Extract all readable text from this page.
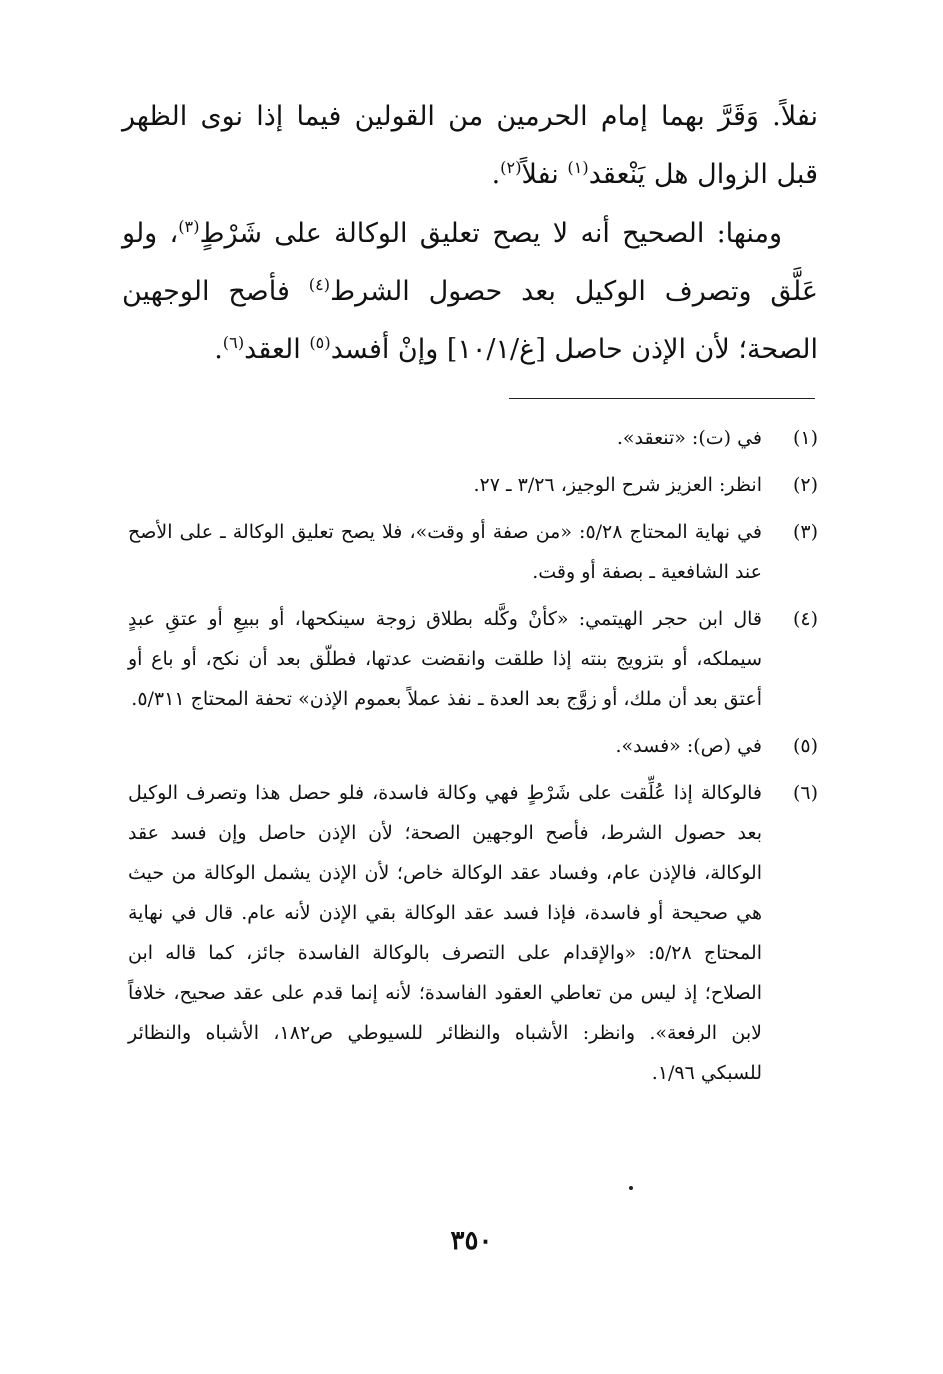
نفلاً. وَقَرَّ بهما إمام الحرمين من القولين فيما إذا نوى الظهر قبل الزوال هل يَنْعقد$^{(١)}$ نفلاً$^{(٢)}$.

ومنها: الصحيح أنه لا يصح تعليق الوكالة على شَرْطٍ$^{(٣)}$، ولو عَلَّق وتصرف الوكيل بعد حصول الشرط$^{(٤)}$ فأصح الوجهين الصحة؛ لأن الإذن حاصل [غ/١٠/١] وإنْ أفسد$^{(٥)}$ العقد$^{(٦)}$.

(١)
في (ت): «تنعقد».
(٢)
انظر: العزيز شرح الوجيز، ٣/٢٦ ـ ٢٧.
(٣)
في نهاية المحتاج ٥/٢٨: «من صفة أو وقت»، فلا يصح تعليق الوكالة ـ على الأصح عند الشافعية ـ بصفة أو وقت.
(٤)
قال ابن حجر الهيتمي: «كأنْ وكَّله بطلاق زوجة سينكحها، أو ببيعِ أو عتقِ عبدٍ سيملكه، أو بتزويج بنته إذا طلقت وانقضت عدتها، فطلّق بعد أن نكح، أو باع أو أعتق بعد أن ملك، أو زوَّج بعد العدة ـ نفذ عملاً بعموم الإذن» تحفة المحتاج ٥/٣١١.
(٥)
في (ص): «فسد».
(٦)
فالوكالة إذا عُلِّقت على شَرْطٍ فهي وكالة فاسدة، فلو حصل هذا وتصرف الوكيل بعد حصول الشرط، فأصح الوجهين الصحة؛ لأن الإذن حاصل وإن فسد عقد الوكالة، فالإذن عام، وفساد عقد الوكالة خاص؛ لأن الإذن يشمل الوكالة من حيث هي صحيحة أو فاسدة، فإذا فسد عقد الوكالة بقي الإذن لأنه عام. قال في نهاية المحتاج ٥/٢٨: «والإقدام على التصرف بالوكالة الفاسدة جائز، كما قاله ابن الصلاح؛ إذ ليس من تعاطي العقود الفاسدة؛ لأنه إنما قدم على عقد صحيح، خلافاً لابن الرفعة». وانظر: الأشباه والنظائر للسيوطي ص١٨٢، الأشباه والنظائر للسبكي ١/٩٦.
٣٥٠
